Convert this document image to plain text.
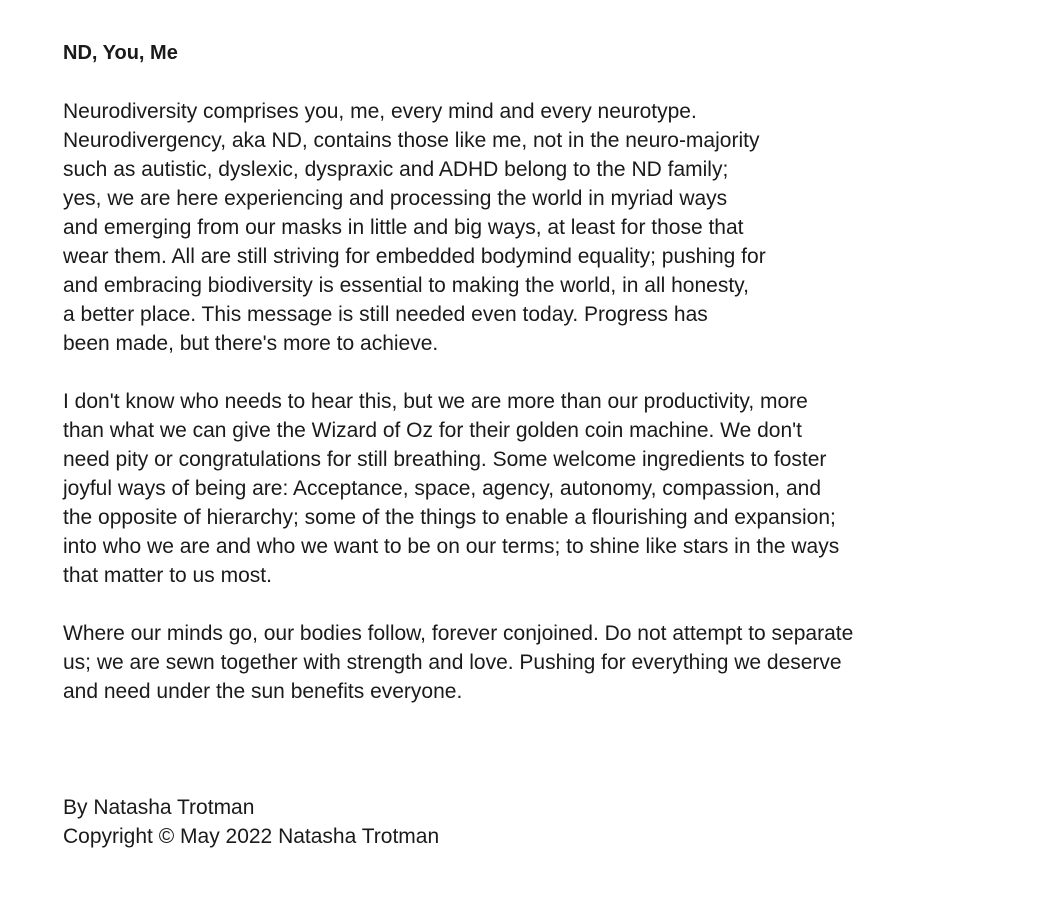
ND, You, Me
Neurodiversity comprises you, me, every mind and every neurotype.
Neurodivergency, aka ND, contains those like me, not in the neuro-majority
such as autistic, dyslexic, dyspraxic and ADHD belong to the ND family;
yes, we are here experiencing and processing the world in myriad ways
and emerging from our masks in little and big ways, at least for those that
wear them. All are still striving for embedded bodymind equality; pushing for
and embracing biodiversity is essential to making the world, in all honesty,
a better place. This message is still needed even today. Progress has
been made, but there's more to achieve.
I don't know who needs to hear this, but we are more than our productivity, more
than what we can give the Wizard of Oz for their golden coin machine. We don't
need pity or congratulations for still breathing. Some welcome ingredients to foster
joyful ways of being are: Acceptance, space, agency, autonomy, compassion, and
the opposite of hierarchy; some of the things to enable a flourishing and expansion;
into who we are and who we want to be on our terms; to shine like stars in the ways
that matter to us most.
Where our minds go, our bodies follow, forever conjoined. Do not attempt to separate
us; we are sewn together with strength and love. Pushing for everything we deserve
and need under the sun benefits everyone.
By Natasha Trotman
Copyright © May 2022 Natasha Trotman
